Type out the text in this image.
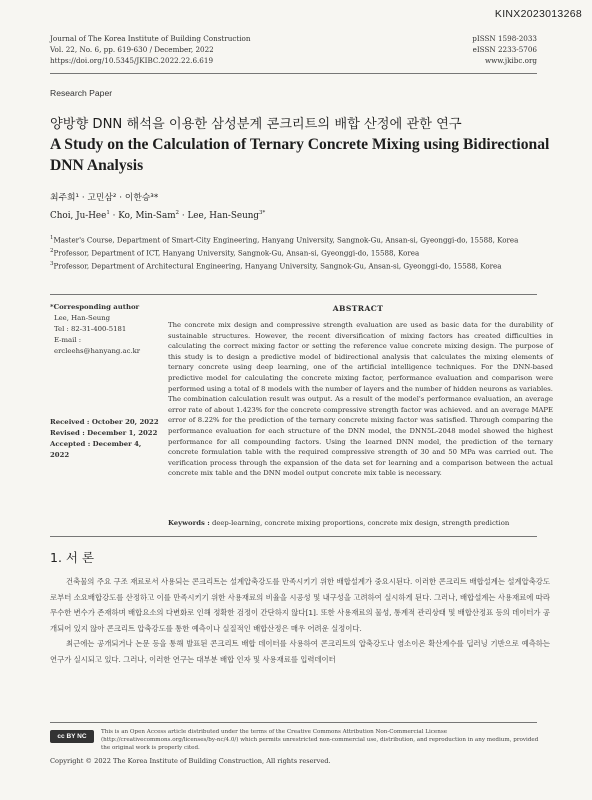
KINX2023013268
Journal of The Korea Institute of Building Construction
Vol. 22, No. 6, pp. 619-630 / December, 2022
https://doi.org/10.5345/JKIBC.2022.22.6.619
pISSN 1598-2033
eISSN 2233-5706
www.jkibc.org
Research Paper
양방향 DNN 해석을 이용한 삼성분계 콘크리트의 배합 산정에 관한 연구
A Study on the Calculation of Ternary Concrete Mixing using Bidirectional DNN Analysis
최주희¹ · 고민삼² · 이한승³*
Choi, Ju-Hee$^1$ · Ko, Min-Sam$^2$ · Lee, Han-Seung$^{3*}$
$^1$Master's Course, Department of Smart-City Engineering, Hanyang University, Sangnok-Gu, Ansan-si, Gyeonggi-do, 15588, Korea
$^2$Professor, Department of ICT, Hanyang University, Sangnok-Gu, Ansan-si, Gyeonggi-do, 15588, Korea
$^3$Professor, Department of Architectural Engineering, Hanyang University, Sangnok-Gu, Ansan-si, Gyeonggi-do, 15588, Korea
*Corresponding author
Lee, Han-Seung
Tel : 82-31-400-5181
E-mail :
ercleehs@hanyang.ac.kr
Received : October 20, 2022
Revised : December 1, 2022
Accepted : December 4, 2022
ABSTRACT
The concrete mix design and compressive strength evaluation are used as basic data for the durability of sustainable structures. However, the recent diversification of mixing factors has created difficulties in calculating the correct mixing factor or setting the reference value concrete mixing design. The purpose of this study is to design a predictive model of bidirectional analysis that calculates the mixing elements of ternary concrete using deep learning, one of the artificial intelligence techniques. For the DNN-based predictive model for calculating the concrete mixing factor, performance evaluation and comparison were performed using a total of 8 models with the number of layers and the number of hidden neurons as variables. The combination calculation result was output. As a result of the model's performance evaluation, an average error rate of about 1.423% for the concrete compressive strength factor was achieved. and an average MAPE error of 8.22% for the prediction of the ternary concrete mixing factor was satisfied. Through comparing the performance evaluation for each structure of the DNN model, the DNN5L-2048 model showed the highest performance for all compounding factors. Using the learned DNN model, the prediction of the ternary concrete formulation table with the required compressive strength of 30 and 50 MPa was carried out. The verification process through the expansion of the data set for learning and a comparison between the actual concrete mix table and the DNN model output concrete mix table is necessary.
Keywords : deep-learning, concrete mixing proportions, concrete mix design, strength prediction
1. 서 론

건축물의 주요 구조 재료로서 사용되는 콘크리트는 설계압축강도를 만족시키기 위한 배합설계가 중요시된다. 이러한 콘크리트 배합설계는 설계압축강도로부터 소요배합강도를 산정하고 이를 만족시키기 위한 사용재료의 비율을 시공성 및 내구성을 고려하여 실시하게 된다. 그러나, 배합설계는 사용재료에 따라 무수한 변수가 존재하며 배합요소의 다변화로 인해 정확한 검정이 간단하지 않다[1]. 또한 사용재료의 물성, 통계적 관리상태 및 배합산정표 등의 데이터가 공개되어 있지 않아 콘크리트 압축강도를 통한 예측이나 실질적인 배합산정은 매우 어려운 실정이다.

최근에는 공개되거나 논문 등을 통해 발표된 콘크리트 배합 데이터를 사용하여 콘크리트의 압축강도나 염소이온 확산계수를 딥러닝 기반으로 예측하는 연구가 실시되고 있다. 그러나, 이러한 연구는 대부분 배합 인자 및 사용재료를 입력데이터

cc BY NC
This is an Open Access article distributed under the terms of the Creative Commons Attribution Non-Commercial License (http://creativecommons.org/licenses/by-nc/4.0/) which permits unrestricted non-commercial use, distribution, and reproduction in any medium, provided the original work is properly cited.
Copyright © 2022 The Korea Institute of Building Construction, All rights reserved.
